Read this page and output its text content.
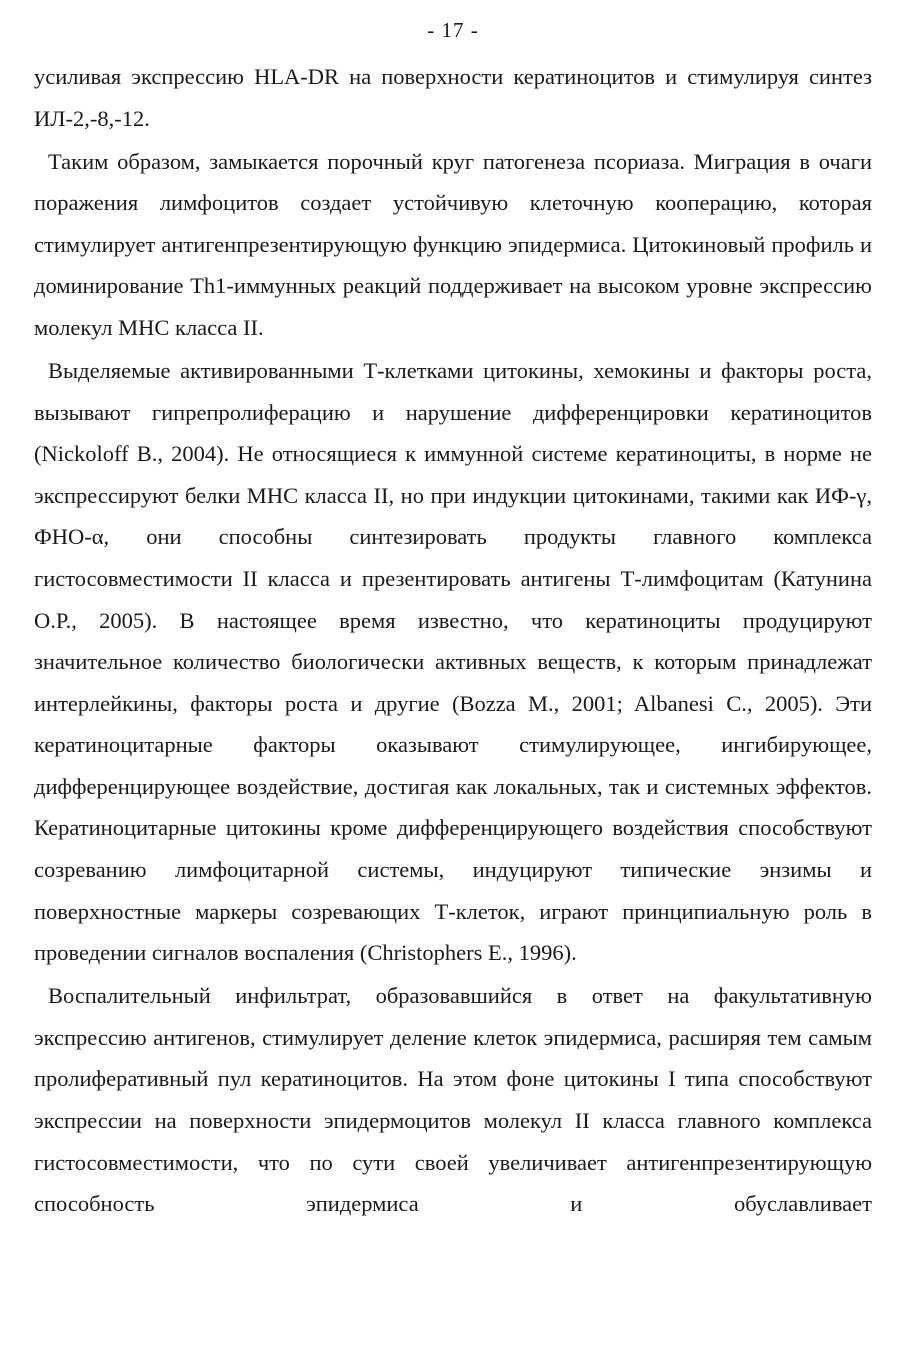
- 17 -

усиливая экспрессию HLA-DR на поверхности кератиноцитов и стимулируя синтез ИЛ-2,-8,-12.

Таким образом, замыкается порочный круг патогенеза псориаза. Миграция в очаги поражения лимфоцитов создает устойчивую клеточную кооперацию, которая стимулирует антигенпрезентирующую функцию эпидермиса. Цитокиновый профиль и доминирование Th1-иммунных реакций поддерживает на высоком уровне экспрессию молекул МНС класса II.

Выделяемые активированными Т-клетками цитокины, хемокины и факторы роста, вызывают гипрепролиферацию и нарушение дифференцировки кератиноцитов (Nickoloff B., 2004). Не относящиеся к иммунной системе кератиноциты, в норме не экспрессируют белки МНС класса II, но при индукции цитокинами, такими как ИФ-γ, ФНО-α, они способны синтезировать продукты главного комплекса гистосовместимости II класса и презентировать антигены Т-лимфоцитам (Катунина О.Р., 2005). В настоящее время известно, что кератиноциты продуцируют значительное количество биологически активных веществ, к которым принадлежат интерлейкины, факторы роста и другие (Bozza M., 2001; Albanesi C., 2005). Эти кератиноцитарные факторы оказывают стимулирующее, ингибирующее, дифференцирующее воздействие, достигая как локальных, так и системных эффектов. Кератиноцитарные цитокины кроме дифференцирующего воздействия способствуют созреванию лимфоцитарной системы, индуцируют типические энзимы и поверхностные маркеры созревающих Т-клеток, играют принципиальную роль в проведении сигналов воспаления (Christophers E., 1996).

Воспалительный инфильтрат, образовавшийся в ответ на факультативную экспрессию антигенов, стимулирует деление клеток эпидермиса, расширяя тем самым пролиферативный пул кератиноцитов. На этом фоне цитокины I типа способствуют экспрессии на поверхности эпидермоцитов молекул II класса главного комплекса гистосовместимости, что по сути своей увеличивает антигенпрезентирующую способность эпидермиса и обуславливает
